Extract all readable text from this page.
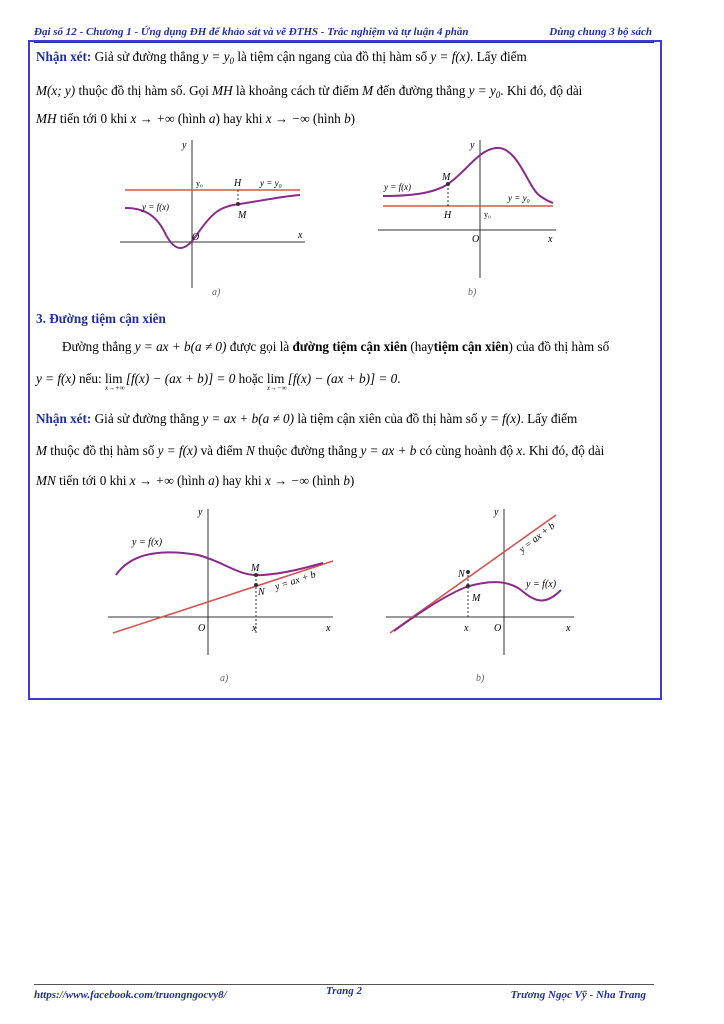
Đại số 12 - Chương 1 - Ứng dụng ĐH để khảo sát và vẽ ĐTHS - Trắc nghiệm và tự luận 4 phần	Dùng chung 3 bộ sách
Nhận xét: Giả sử đường thẳng $y = y_0$ là tiệm cận ngang của đồ thị hàm số y = f(x). Lấy điểm
M(x; y) thuộc đồ thị hàm số. Gọi MH là khoảng cách từ điểm M đến đường thẳng $y = y_0$. Khi đó, độ dài
MH tiến tới 0 khi x → +∞ (hình a) hay khi x → −∞ (hình b)
y₀	H y = y₀
y = f(x)
M
O	x
y
a)
y₀
H
y = y₀
y = f(x)
M
O	x
y
b)
3. Đường tiệm cận xiên
Đường thẳng y = ax + b(a ≠ 0) được gọi là đường tiệm cận xiên (haytiệm cận xiên) của đồ thị hàm số
y = f(x) nếu: lim
x→+∞
[f(x) − (ax + b)] = 0 hoặc lim
x→−∞
[f(x) − (ax + b)] = 0.
Nhận xét: Giả sử đường thẳng y = ax + b(a ≠ 0) là tiệm cận xiên của đồ thị hàm số y = f(x). Lấy điểm
M thuộc đồ thị hàm số y = f(x) và điểm N thuộc đường thẳng y = ax + b có cùng hoành độ x. Khi đó, độ dài
MN tiến tới 0 khi x → +∞ (hình a) hay khi x → −∞ (hình b)
y = f(x)
y = ax + b
M
N
O	x	x
y
a)
y = f(x)
y = ax + b
M
N
O
x	x
y
b)
https://www.facebook.com/truongngocvy8/	Trang 2	Trương Ngọc Vỹ - Nha Trang
